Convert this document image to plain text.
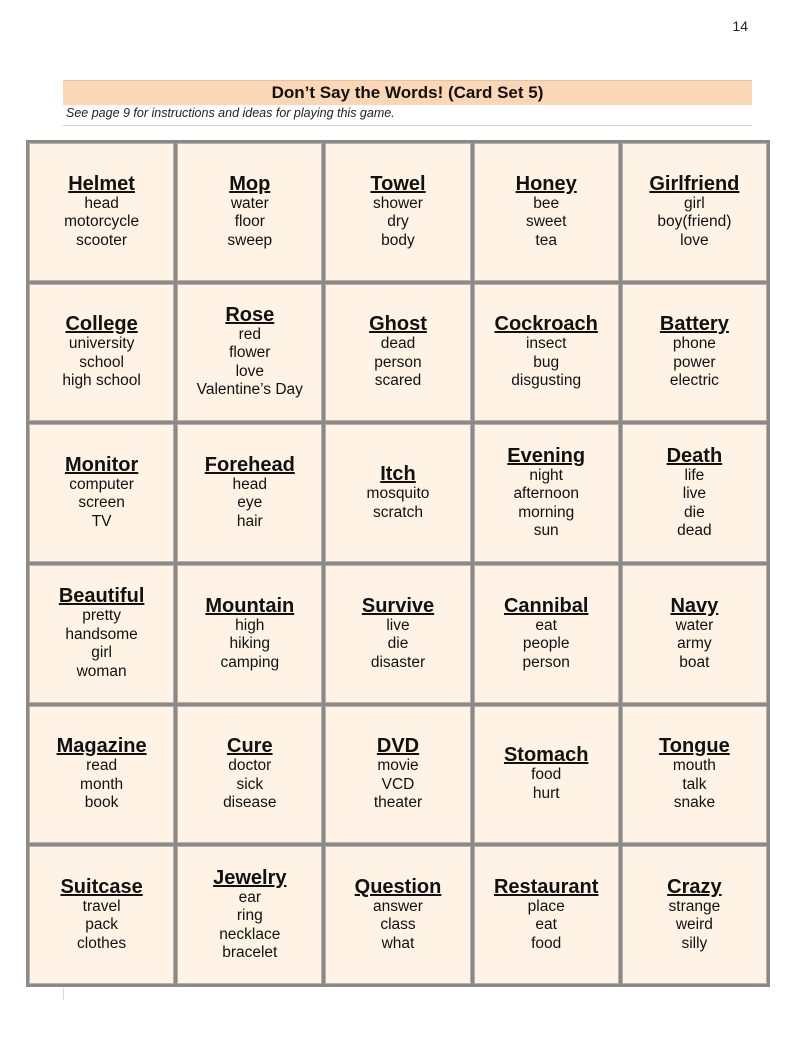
14
Don’t Say the Words! (Card Set 5)
See page 9 for instructions and ideas for playing this game.
Helmet
head
motorcycle
scooter
Mop
water
floor
sweep
Towel
shower
dry
body
Honey
bee
sweet
tea
Girlfriend
girl
boy(friend)
love
College
university
school
high school
Rose
red
flower
love
Valentine’s Day
Ghost
dead
person
scared
Cockroach
insect
bug
disgusting
Battery
phone
power
electric
Monitor
computer
screen
TV
Forehead
head
eye
hair
Itch
mosquito
scratch
Evening
night
afternoon
morning
sun
Death
life
live
die
dead
Beautiful
pretty
handsome
girl
woman
Mountain
high
hiking
camping
Survive
live
die
disaster
Cannibal
eat
people
person
Navy
water
army
boat
Magazine
read
month
book
Cure
doctor
sick
disease
DVD
movie
VCD
theater
Stomach
food
hurt
Tongue
mouth
talk
snake
Suitcase
travel
pack
clothes
Jewelry
ear
ring
necklace
bracelet
Question
answer
class
what
Restaurant
place
eat
food
Crazy
strange
weird
silly
